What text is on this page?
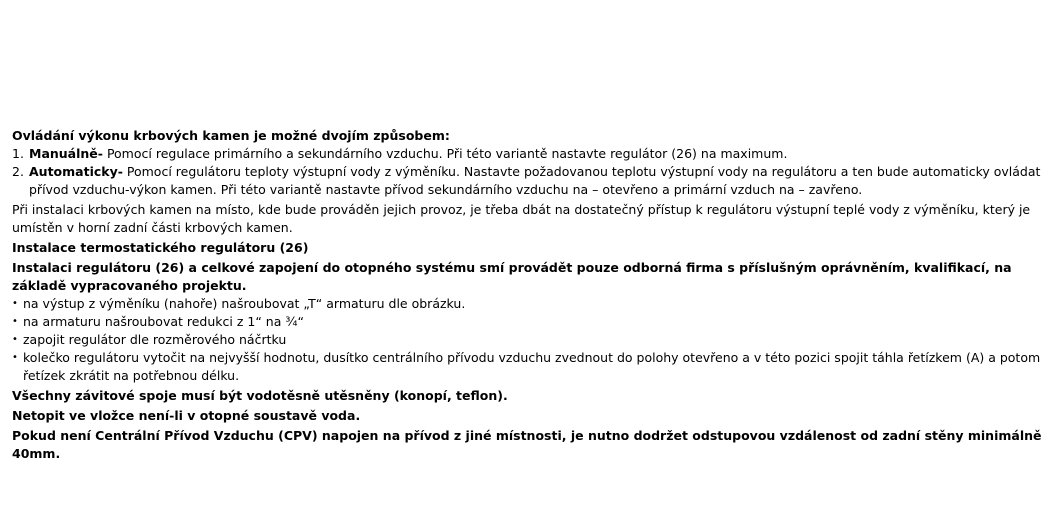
Ovládání výkonu krbových kamen je možné dvojím způsobem:
1. Manuálně- Pomocí regulace primárního a sekundárního vzduchu. Při této variantě nastavte regulátor (26) na maximum.
2. Automaticky- Pomocí regulátoru teploty výstupní vody z výměníku. Nastavte požadovanou teplotu výstupní vody na regulátoru a ten bude automaticky ovládat přívod vzduchu-výkon kamen. Při této variantě nastavte přívod sekundárního vzduchu na – otevřeno a primární vzduch na – zavřeno.
Při instalaci krbových kamen na místo, kde bude prováděn jejich provoz, je třeba dbát na dostatečný přístup k regulátoru výstupní teplé vody z výměníku, který je umístěn v horní zadní části krbových kamen.
Instalace termostatického regulátoru (26)
Instalaci regulátoru (26) a celkové zapojení do otopného systému smí provádět pouze odborná firma s příslušným oprávněním, kvalifikací, na základě vypracovaného projektu.
• na výstup z výměníku (nahoře) našroubovat „T“ armaturu dle obrázku.
• na armaturu našroubovat redukci z 1“ na ¾“
• zapojit regulátor dle rozměrového náčrtku
• kolečko regulátoru vytočit na nejvyšší hodnotu, dusítko centrálního přívodu vzduchu zvednout do polohy otevřeno a v této pozici spojit táhla řetízkem (A) a potom řetízek zkrátit na potřebnou délku.
Všechny závitové spoje musí být vodotěsně utěsněny (konopí, teflon).
Netopit ve vložce není-li v otopné soustavě voda.
Pokud není Centrální Přívod Vzduchu (CPV) napojen na přívod z jiné místnosti, je nutno dodržet odstupovou vzdálenost od zadní stěny minimálně 40mm.
